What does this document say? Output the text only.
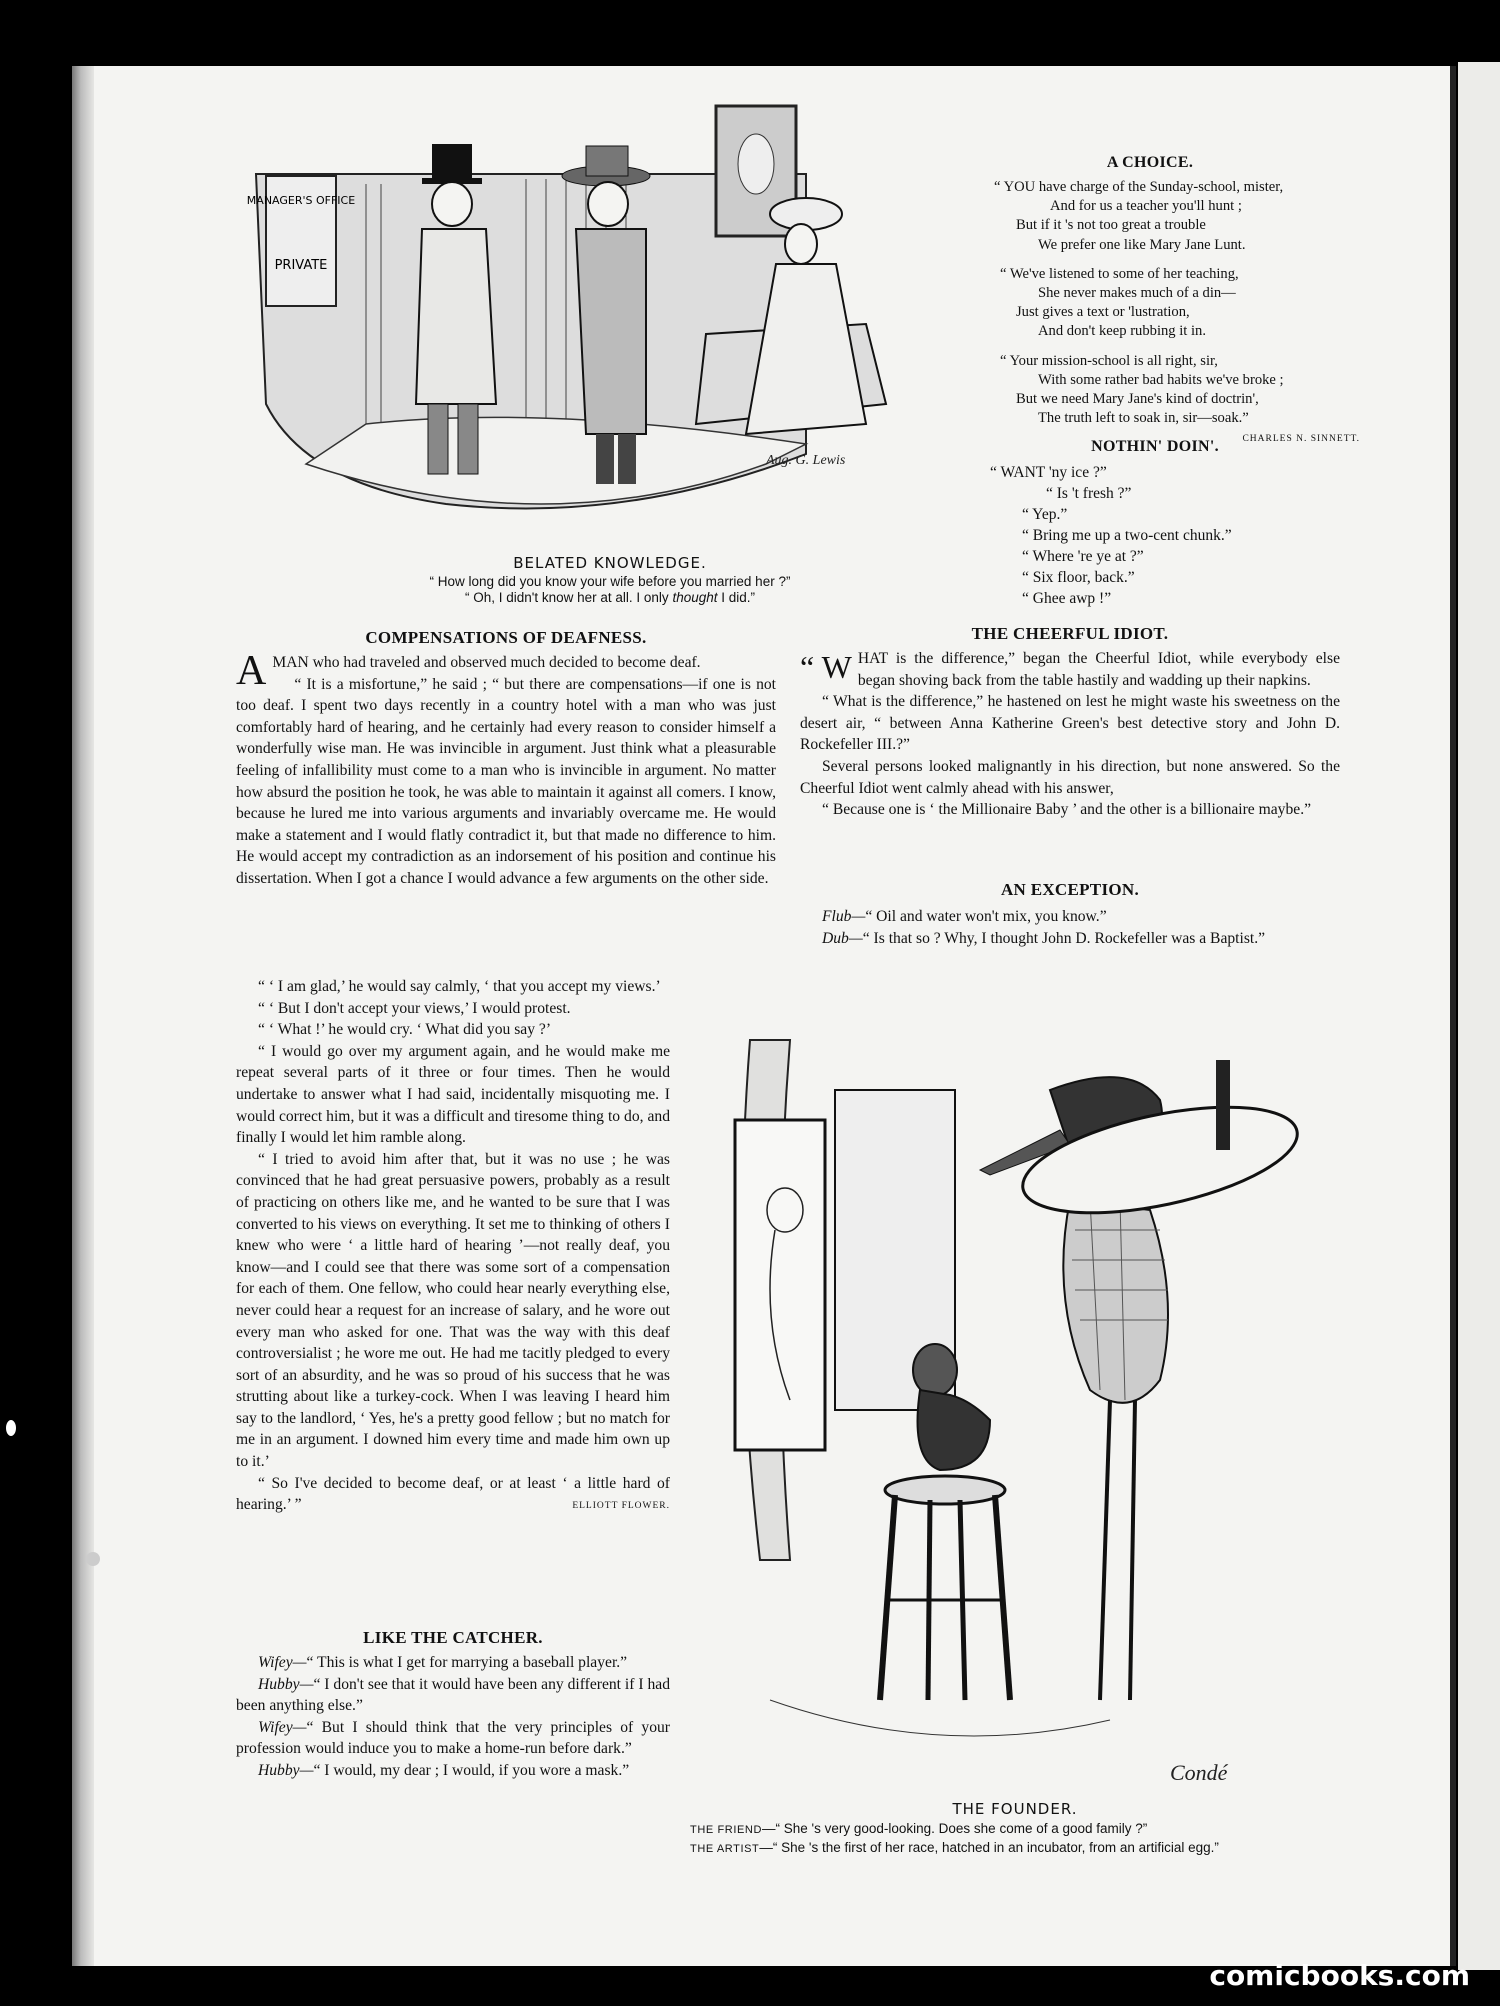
MANAGER'S OFFICE
PRIVATE
Aug. G. Lewis
BELATED KNOWLEDGE.
“ How long did you know your wife before you married her ?”
“ Oh, I didn't know her at all. I only thought I did.”
A CHOICE.
“ YOU have charge of the Sunday-school, mister,
And for us a teacher you'll hunt ;
But if it 's not too great a trouble
We prefer one like Mary Jane Lunt.
“ We've listened to some of her teaching,
She never makes much of a din—
Just gives a text or 'lustration,
And don't keep rubbing it in.
“ Your mission-school is all right, sir,
With some rather bad habits we've broke ;
But we need Mary Jane's kind of doctrin',
The truth left to soak in, sir—soak.”
CHARLES N. SINNETT.
NOTHIN' DOIN'.
“ WANT 'ny ice ?”
“ Is 't fresh ?”
“ Yep.”
“ Bring me up a two-cent chunk.”
“ Where 're ye at ?”
“ Six floor, back.”
“ Ghee awp !”
COMPENSATIONS OF DEAFNESS.

AMAN who had traveled and observed much decided to become deaf.

“ It is a misfortune,” he said ; “ but there are compensations—if one is not too deaf. I spent two days recently in a country hotel with a man who was just comfortably hard of hearing, and he certainly had every reason to consider himself a wonderfully wise man. He was invincible in argument. Just think what a pleasurable feeling of infallibility must come to a man who is invincible in argument. No matter how absurd the position he took, he was able to maintain it against all comers. I know, because he lured me into various arguments and invariably overcame me. He would make a statement and I would flatly contradict it, but that made no difference to him. He would accept my contradiction as an indorsement of his position and continue his dissertation. When I got a chance I would advance a few arguments on the other side.

“ ‘ I am glad,’ he would say calmly, ‘ that you accept my views.’

“ ‘ But I don't accept your views,’ I would protest.

“ ‘ What !’ he would cry. ‘ What did you say ?’

“ I would go over my argument again, and he would make me repeat several parts of it three or four times. Then he would undertake to answer what I had said, incidentally misquoting me. I would correct him, but it was a difficult and tiresome thing to do, and finally I would let him ramble along.

“ I tried to avoid him after that, but it was no use ; he was convinced that he had great persuasive powers, probably as a result of practicing on others like me, and he wanted to be sure that I was converted to his views on everything. It set me to thinking of others I knew who were ‘ a little hard of hearing ’—not really deaf, you know—and I could see that there was some sort of a compensation for each of them. One fellow, who could hear nearly everything else, never could hear a request for an increase of salary, and he wore out every man who asked for one. That was the way with this deaf controversialist ; he wore me out. He had me tacitly pledged to every sort of an absurdity, and he was so proud of his success that he was strutting about like a turkey-cock. When I was leaving I heard him say to the landlord, ‘ Yes, he's a pretty good fellow ; but no match for me in an argument. I downed him every time and made him own up to it.’

“ So I've decided to become deaf, or at least ‘ a little hard of hearing.’ ”	ELLIOTT FLOWER.
LIKE THE CATCHER.

Wifey—“ This is what I get for marrying a baseball player.”

Hubby—“ I don't see that it would have been any different if I had been anything else.”

Wifey—“ But I should think that the very principles of your profession would induce you to make a home-run before dark.”

Hubby—“ I would, my dear ; I would, if you wore a mask.”

THE CHEERFUL IDIOT.

“ W HAT is the difference,” began the Cheerful Idiot, while everybody else began shoving back from the table hastily and wadding up their napkins.

“ What is the difference,” he hastened on lest he might waste his sweetness on the desert air, “ between Anna Katherine Green's best detective story and John D. Rockefeller III.?”

Several persons looked malignantly in his direction, but none answered. So the Cheerful Idiot went calmly ahead with his answer,

“ Because one is ‘ the Millionaire Baby ’ and the other is a billionaire maybe.”

AN EXCEPTION.

Flub—“ Oil and water won't mix, you know.”

Dub—“ Is that so ? Why, I thought John D. Rockefeller was a Baptist.”

Condé
THE FOUNDER.
THE FRIEND—“ She 's very good-looking. Does she come of a good family ?”
THE ARTIST—“ She 's the first of her race, hatched in an incubator, from an artificial egg.”
comicbooks.com
